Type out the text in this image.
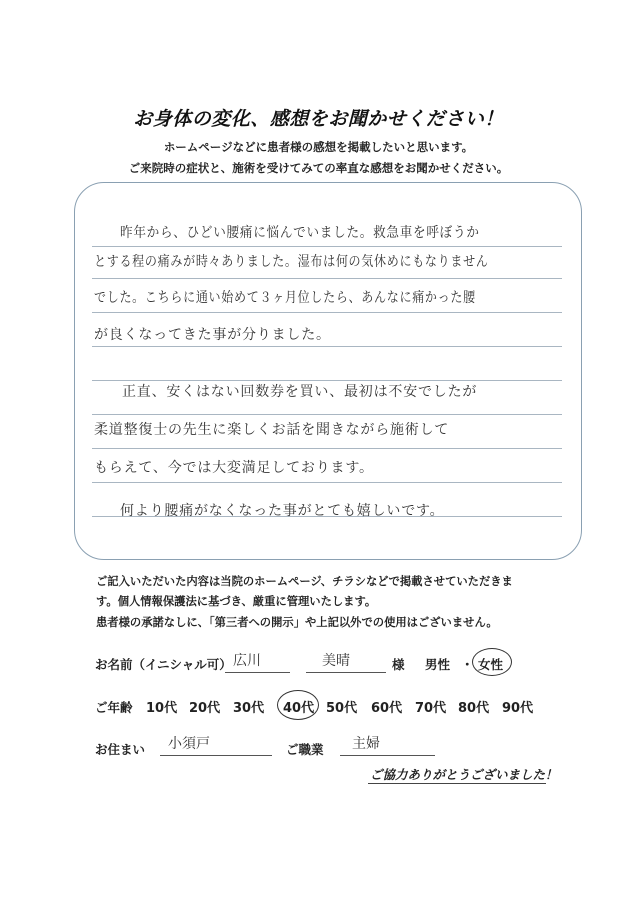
お身体の変化、感想をお聞かせください！
ホームページなどに患者様の感想を掲載したいと思います。
ご来院時の症状と、施術を受けてみての率直な感想をお聞かせください。
昨年から、ひどい腰痛に悩んでいました。救急車を呼ぼうか
とする程の痛みが時々ありました。湿布は何の気休めにもなりません
でした。こちらに通い始めて３ヶ月位したら、あんなに痛かった腰
が良くなってきた事が分りました。
正直、安くはない回数券を買い、最初は不安でしたが
柔道整復士の先生に楽しくお話を聞きながら施術して
もらえて、今では大変満足しております。
何より腰痛がなくなった事がとても嬉しいです。
ご記入いただいた内容は当院のホームページ、チラシなどで掲載させていただきま
す。個人情報保護法に基づき、厳重に管理いたします。
患者様の承諾なしに、「第三者への開示」や上記以外での使用はございません。
お名前（イニシャル可） 広川	美晴	様 男性 ・ 女性
ご年齢 10代 20代 30代 40代 50代 60代 70代 80代 90代
お住まい 小須戸	ご職業 主婦
ご協力ありがとうございました！
